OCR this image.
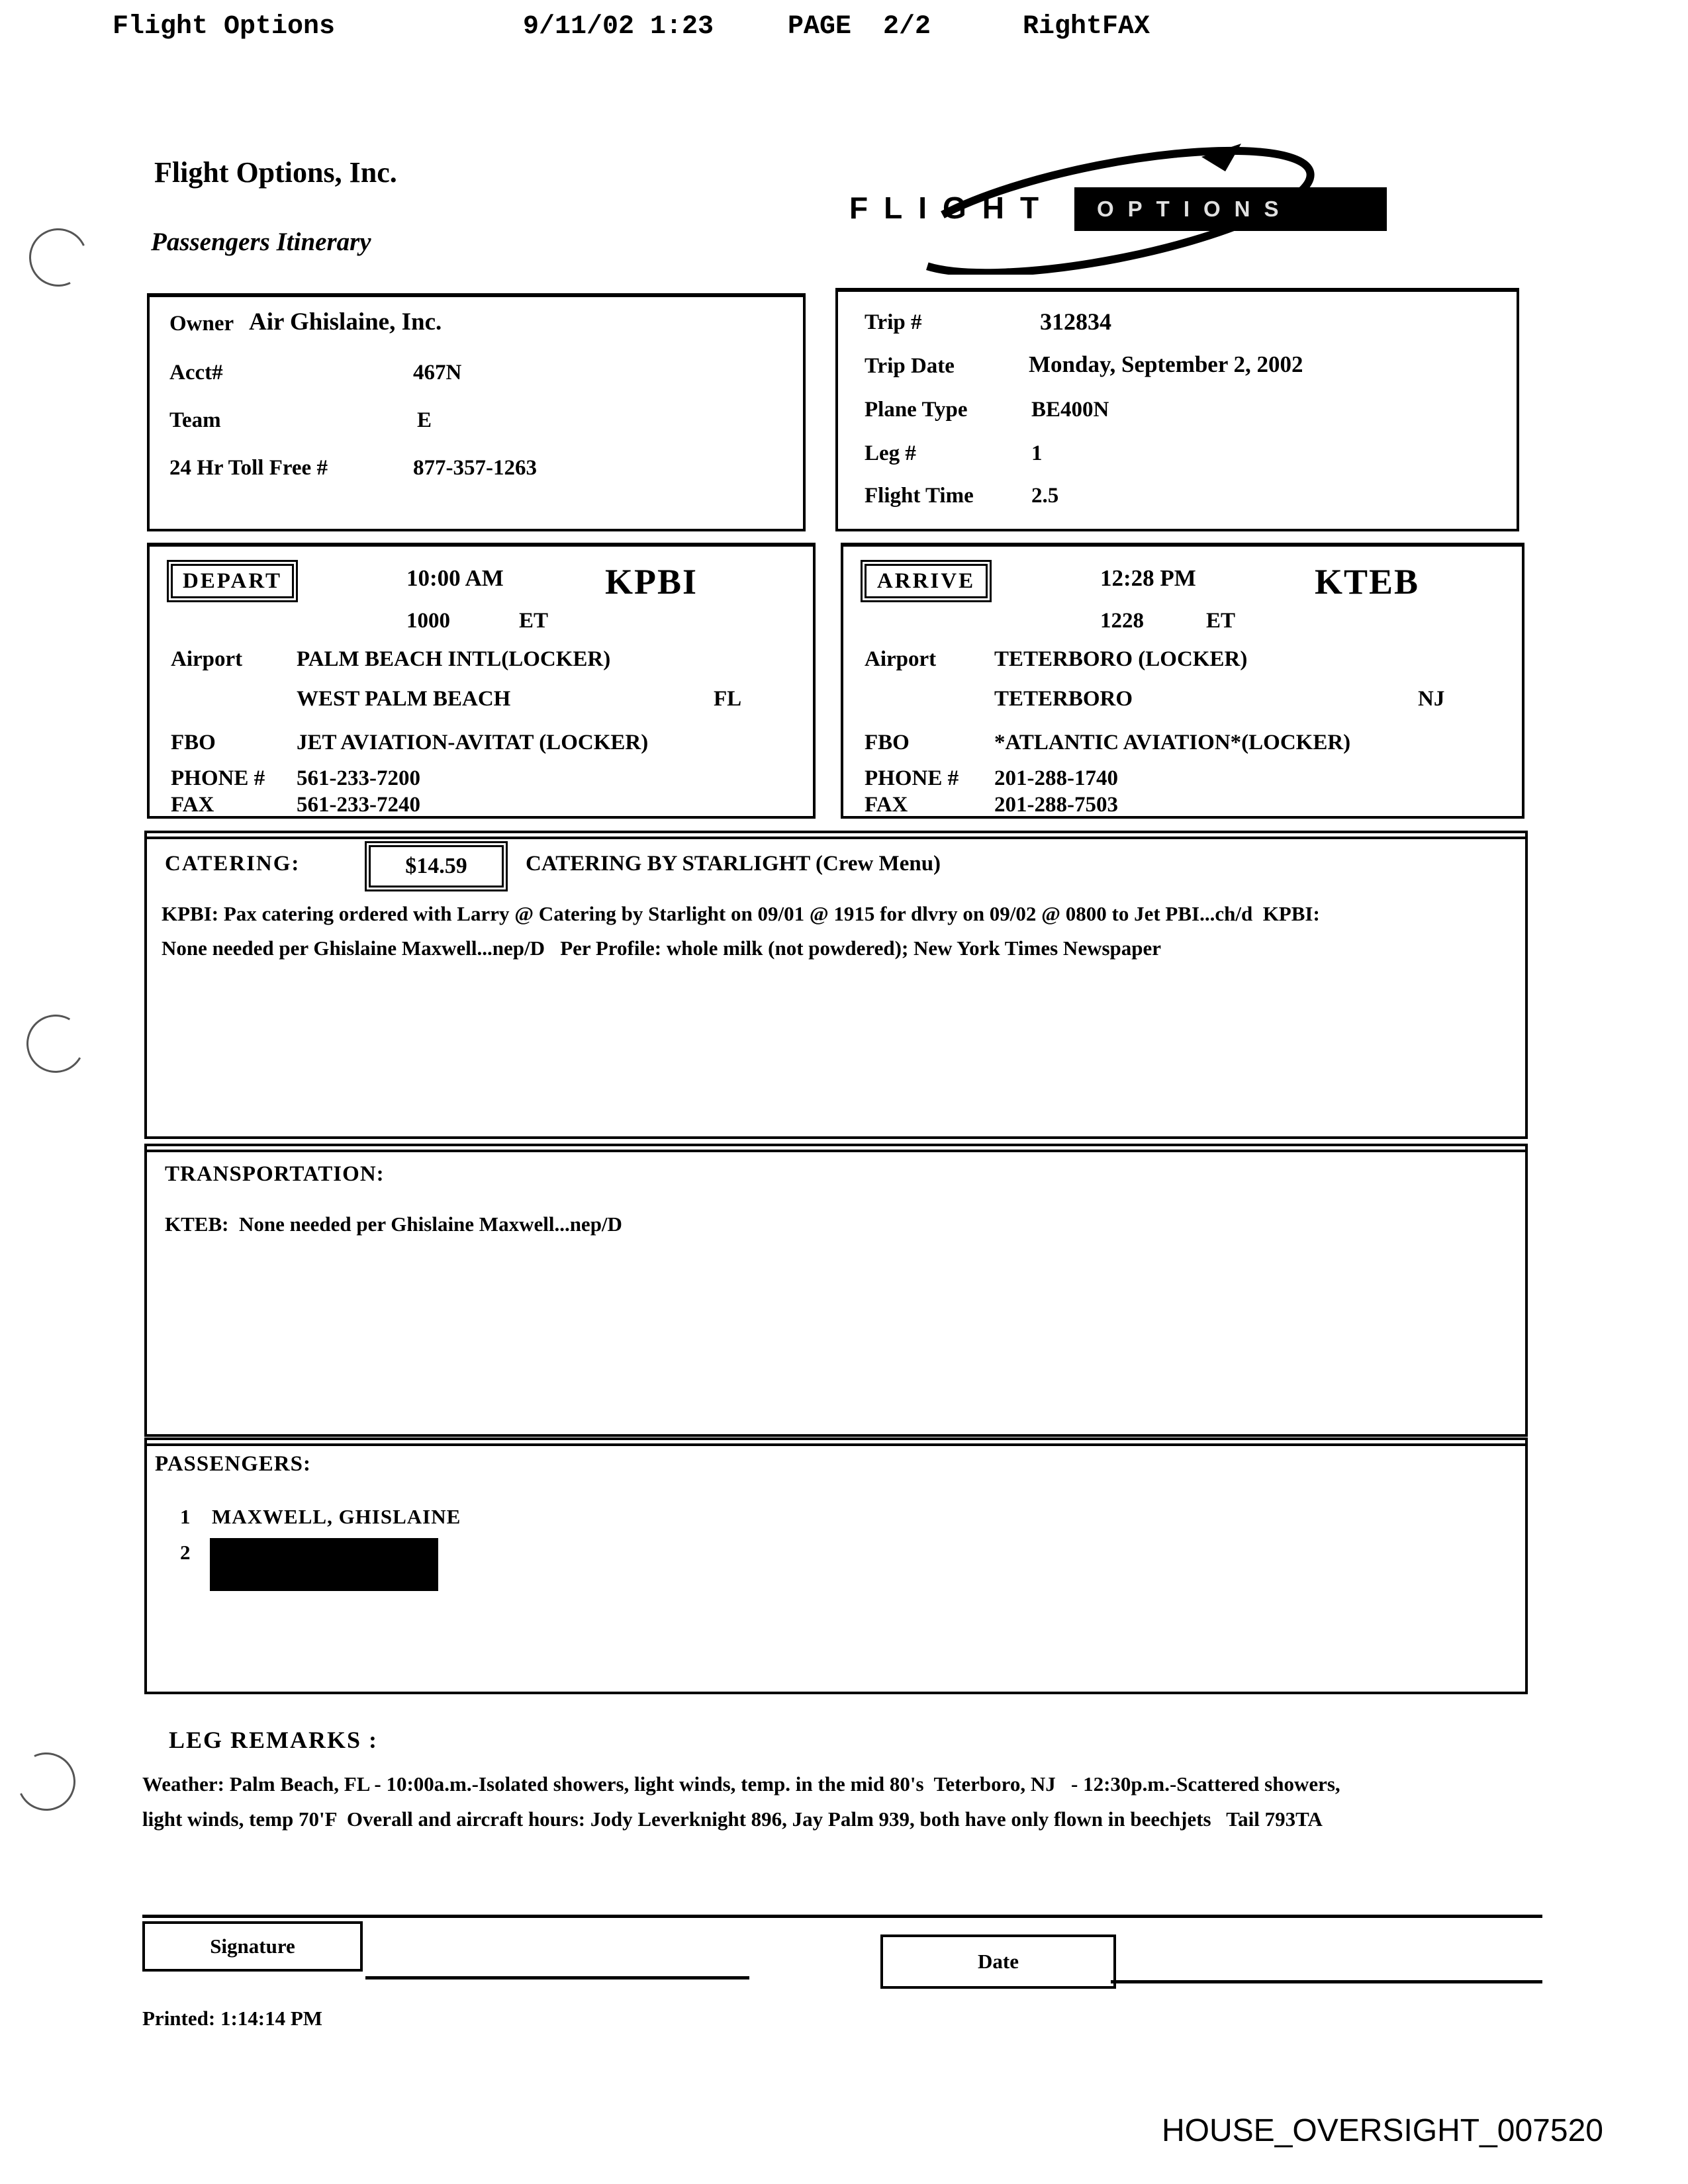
Flight Options	9/11/02 1:23	PAGE  2/2	RightFAX
Flight Options, Inc.
Passengers Itinerary
FLIGHT	OPTIONS
Owner Air Ghislaine, Inc.
Acct#	467N
Team	E
24 Hr Toll Free #	877-357-1263
Trip #	312834
Trip Date	Monday, September 2, 2002
Plane Type	BE400N
Leg #	1
Flight Time	2.5
DEPART	10:00 AM	KPBI
1000	ET
Airport PALM BEACH INTL(LOCKER)
WEST PALM BEACH	FL
FBO	JET AVIATION-AVITAT (LOCKER)
PHONE # 561-233-7200
FAX	561-233-7240
ARRIVE	12:28 PM	KTEB
1228	ET
Airport	TETERBORO (LOCKER)
TETERBORO	NJ
FBO	*ATLANTIC AVIATION*(LOCKER)
PHONE # 201-288-1740
FAX	201-288-7503
CATERING:	$14.59	CATERING BY STARLIGHT (Crew Menu)
KPBI: Pax catering ordered with Larry @ Catering by Starlight on 09/01 @ 1915 for dlvry on 09/02 @ 0800 to Jet PBI...ch/d  KPBI:
None needed per Ghislaine Maxwell...nep/D   Per Profile: whole milk (not powdered); New York Times Newspaper
TRANSPORTATION:
KTEB:  None needed per Ghislaine Maxwell...nep/D
PASSENGERS:
1 MAXWELL, GHISLAINE
2
LEG REMARKS :
Weather: Palm Beach, FL - 10:00a.m.-Isolated showers, light winds, temp. in the mid 80's  Teterboro, NJ   - 12:30p.m.-Scattered showers,
light winds, temp 70'F  Overall and aircraft hours: Jody Leverknight 896, Jay Palm 939, both have only flown in beechjets   Tail 793TA
Signature
Date
Printed: 1:14:14 PM
HOUSE_OVERSIGHT_007520
